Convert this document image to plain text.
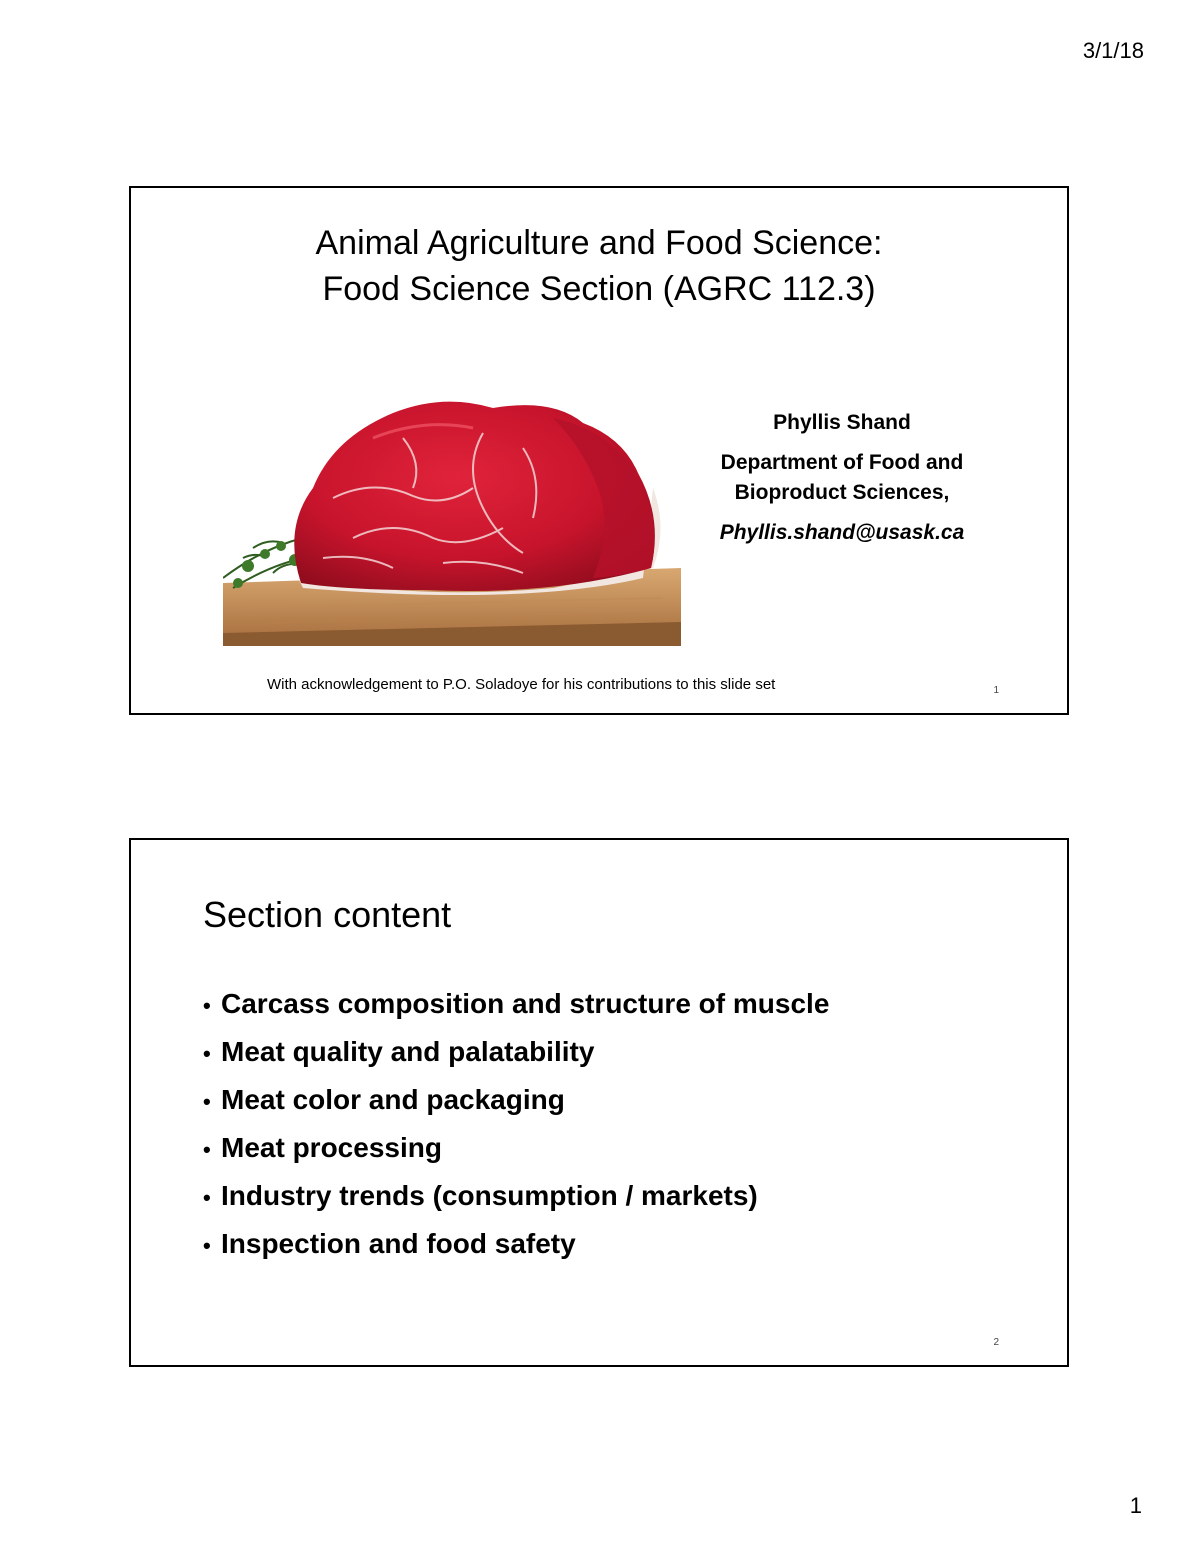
3/1/18
Animal Agriculture and Food Science:
Food Science Section (AGRC 112.3)
Phyllis Shand
Department of Food and
Bioproduct Sciences,
Phyllis.shand@usask.ca
With acknowledgement to P.O. Soladoye for his contributions to this slide set	1
Section content
• Carcass composition and structure of muscle
• Meat quality and palatability
• Meat color and packaging
• Meat processing
• Industry trends (consumption / markets)
• Inspection and food safety
2
1
